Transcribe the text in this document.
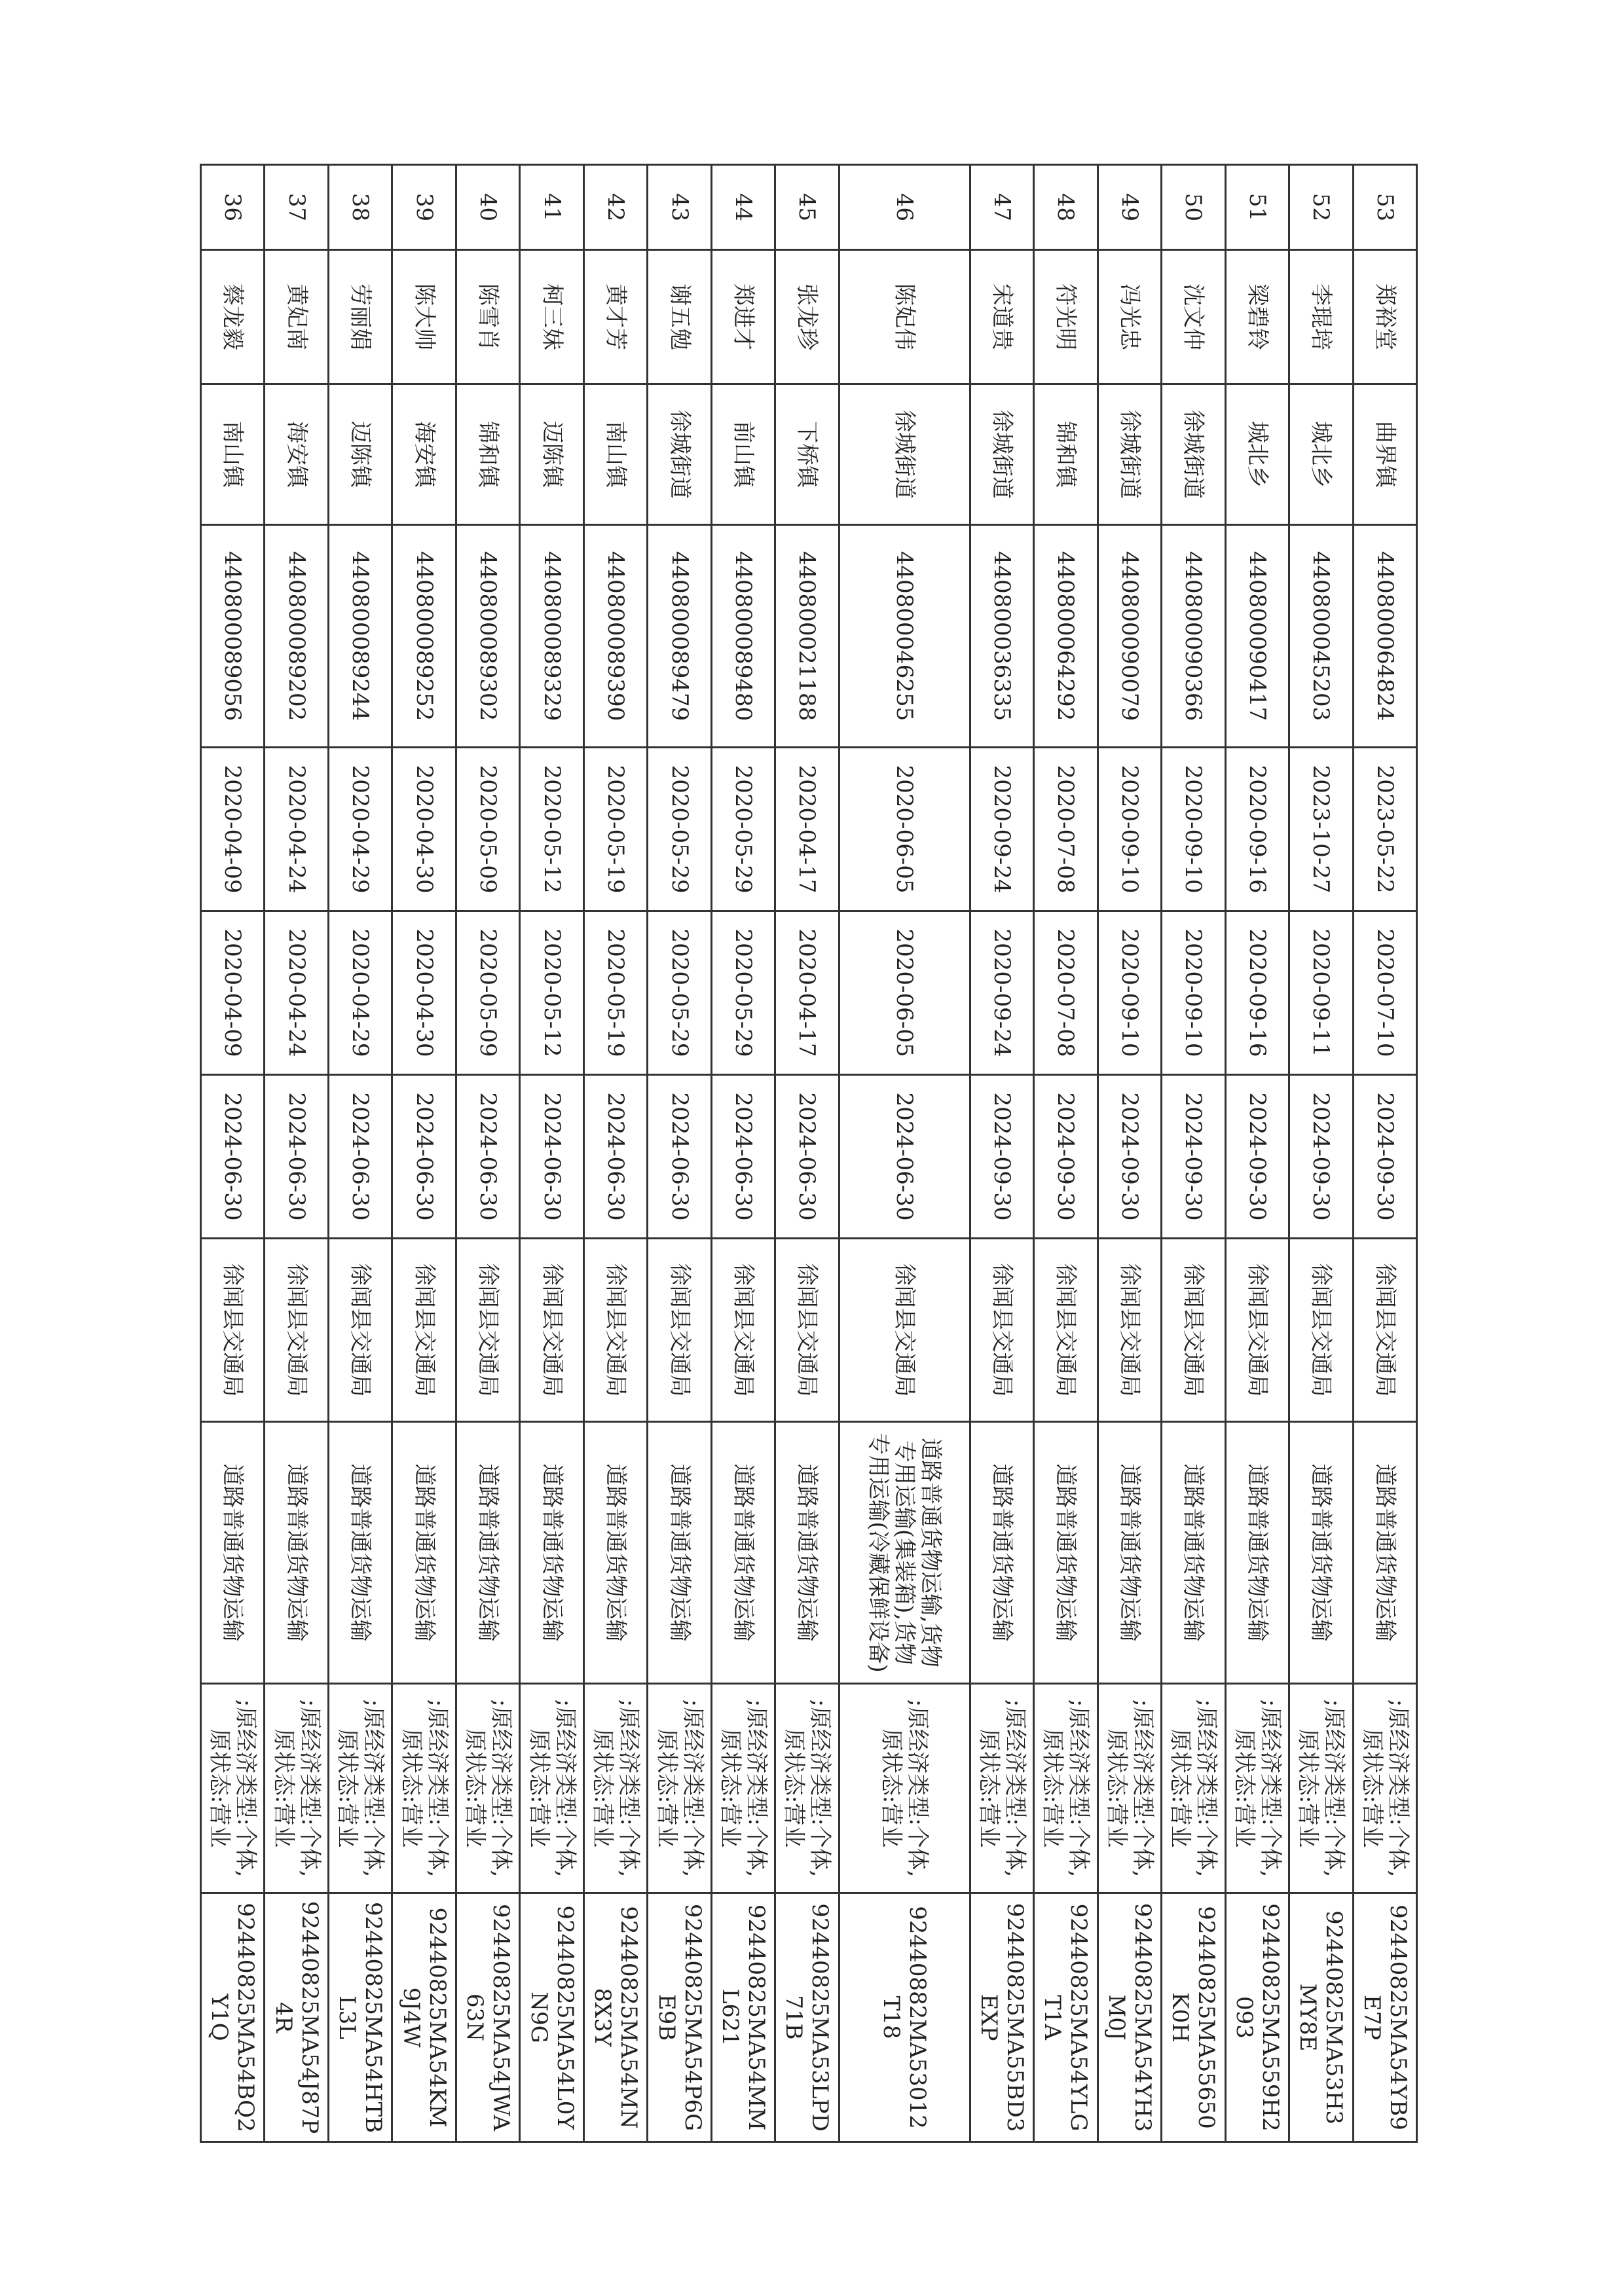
53	郑裕堂	曲界镇	440800064824	2023-05-22	2020-07-10	2024-09-30	徐闻县交通局	道路普通货物运输	;原经济类型:个体,原状态:营业	92440825MA54YB9E7P
52	李琨培	城北乡	440800045203	2023-10-27	2020-09-11	2024-09-30	徐闻县交通局	道路普通货物运输	;原经济类型:个体,原状态:营业	92440825MA53H3MY8E
51	梁碧铃	城北乡	440800090417	2020-09-16	2020-09-16	2024-09-30	徐闻县交通局	道路普通货物运输	;原经济类型:个体,原状态:营业	92440825MA559H2093
50	沈文仲	徐城街道	440800090366	2020-09-10	2020-09-10	2024-09-30	徐闻县交通局	道路普通货物运输	;原经济类型:个体,原状态:营业	92440825MA55650K0H
49	冯光忠	徐城街道	440800090079	2020-09-10	2020-09-10	2024-09-30	徐闻县交通局	道路普通货物运输	;原经济类型:个体,原状态:营业	92440825MA54YH3M0J
48	符光明	锦和镇	440800064292	2020-07-08	2020-07-08	2024-09-30	徐闻县交通局	道路普通货物运输	;原经济类型:个体,原状态:营业	92440825MA54YLGT1A
47	宋道贵	徐城街道	440800036335	2020-09-24	2020-09-24	2024-09-30	徐闻县交通局	道路普通货物运输	;原经济类型:个体,原状态:营业	92440825MA55BD3EXP
46	陈妃伟	徐城街道	440800046255	2020-06-05	2020-06-05	2024-06-30	徐闻县交通局	道路普通货物运输,货物专用运输(集装箱),货物专用运输(冷藏保鲜设备)	;原经济类型:个体,原状态:营业	92440882MA53012T18
45	张龙珍	下桥镇	440800021188	2020-04-17	2020-04-17	2024-06-30	徐闻县交通局	道路普通货物运输	;原经济类型:个体,原状态:营业	92440825MA53LPD71B
44	郑进才	前山镇	440800089480	2020-05-29	2020-05-29	2024-06-30	徐闻县交通局	道路普通货物运输	;原经济类型:个体,原状态:营业	92440825MA54MML621
43	谢五勉	徐城街道	440800089479	2020-05-29	2020-05-29	2024-06-30	徐闻县交通局	道路普通货物运输	;原经济类型:个体,原状态:营业	92440825MA54P6GE9B
42	黄才芳	南山镇	440800089390	2020-05-19	2020-05-19	2024-06-30	徐闻县交通局	道路普通货物运输	;原经济类型:个体,原状态:营业	92440825MA54MN8X3Y
41	柯三妹	迈陈镇	440800089329	2020-05-12	2020-05-12	2024-06-30	徐闻县交通局	道路普通货物运输	;原经济类型:个体,原状态:营业	92440825MA54L0YN9G
40	陈雪肖	锦和镇	440800089302	2020-05-09	2020-05-09	2024-06-30	徐闻县交通局	道路普通货物运输	;原经济类型:个体,原状态:营业	92440825MA54JWA63N
39	陈大帅	海安镇	440800089252	2020-04-30	2020-04-30	2024-06-30	徐闻县交通局	道路普通货物运输	;原经济类型:个体,原状态:营业	92440825MA54KM9J4W
38	劳丽娟	迈陈镇	440800089244	2020-04-29	2020-04-29	2024-06-30	徐闻县交通局	道路普通货物运输	;原经济类型:个体,原状态:营业	92440825MA54HTBL3L
37	黄妃南	海安镇	440800089202	2020-04-24	2020-04-24	2024-06-30	徐闻县交通局	道路普通货物运输	;原经济类型:个体,原状态:营业	92440825MA54J87P4R
36	蔡龙毅	南山镇	440800089056	2020-04-09	2020-04-09	2024-06-30	徐闻县交通局	道路普通货物运输	;原经济类型:个体,原状态:营业	92440825MA54BQ2Y1Q
